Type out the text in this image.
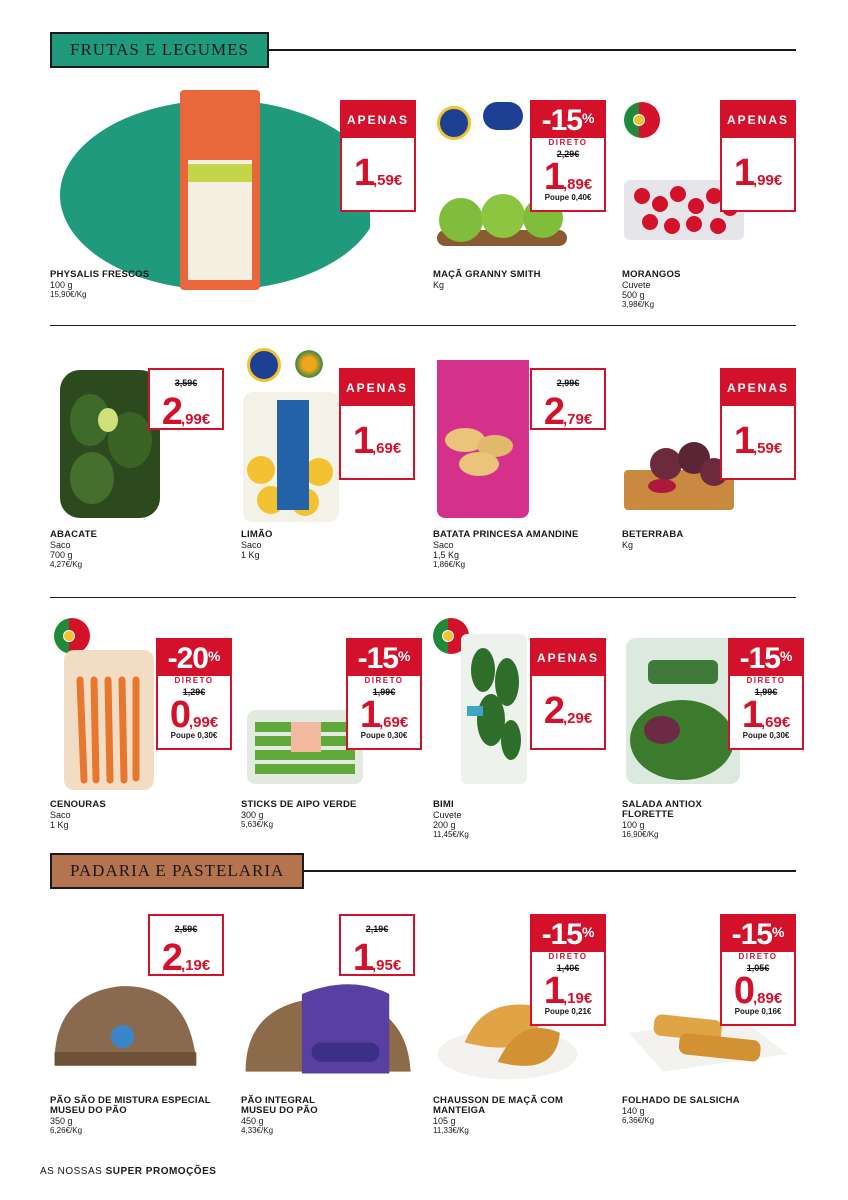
FRUTAS E LEGUMES
PADARIA E PASTELARIA
APENAS
1,59€
PHYSALIS FRESCOS
100 g
15,90€/Kg
-15%
DIRETO
2,29€
1,89€
Poupe 0,40€
MAÇÃ GRANNY SMITH
Kg
APENAS
1,99€
MORANGOS
Cuvete
500 g
3,98€/Kg
3,59€
2,99€
ABACATE
Saco
700 g
4,27€/Kg
APENAS
1,69€
LIMÃO
Saco
1 Kg
2,99€
2,79€
BATATA PRINCESA AMANDINE
Saco
1,5 Kg
1,86€/Kg
APENAS
1,59€
BETERRABA
Kg
-20%
DIRETO
1,29€
0,99€
Poupe 0,30€
CENOURAS
Saco
1 Kg
-15%
DIRETO
1,99€
1,69€
Poupe 0,30€
STICKS DE AIPO VERDE
300 g
5,63€/Kg
APENAS
2,29€
BIMI
Cuvete
200 g
11,45€/Kg
-15%
DIRETO
1,99€
1,69€
Poupe 0,30€
SALADA ANTIOX FLORETTE
100 g
16,90€/Kg
2,59€
2,19€
PÃO SÃO DE MISTURA ESPECIAL MUSEU DO PÃO
350 g
6,26€/Kg
2,19€
1,95€
PÃO INTEGRAL MUSEU DO PÃO
450 g
4,33€/Kg
-15%
DIRETO
1,40€
1,19€
Poupe 0,21€
CHAUSSON DE MAÇÃ COM MANTEIGA
105 g
11,33€/Kg
-15%
DIRETO
1,05€
0,89€
Poupe 0,16€
FOLHADO DE SALSICHA
140 g
6,36€/Kg
AS NOSSAS SUPER PROMOÇÕES
